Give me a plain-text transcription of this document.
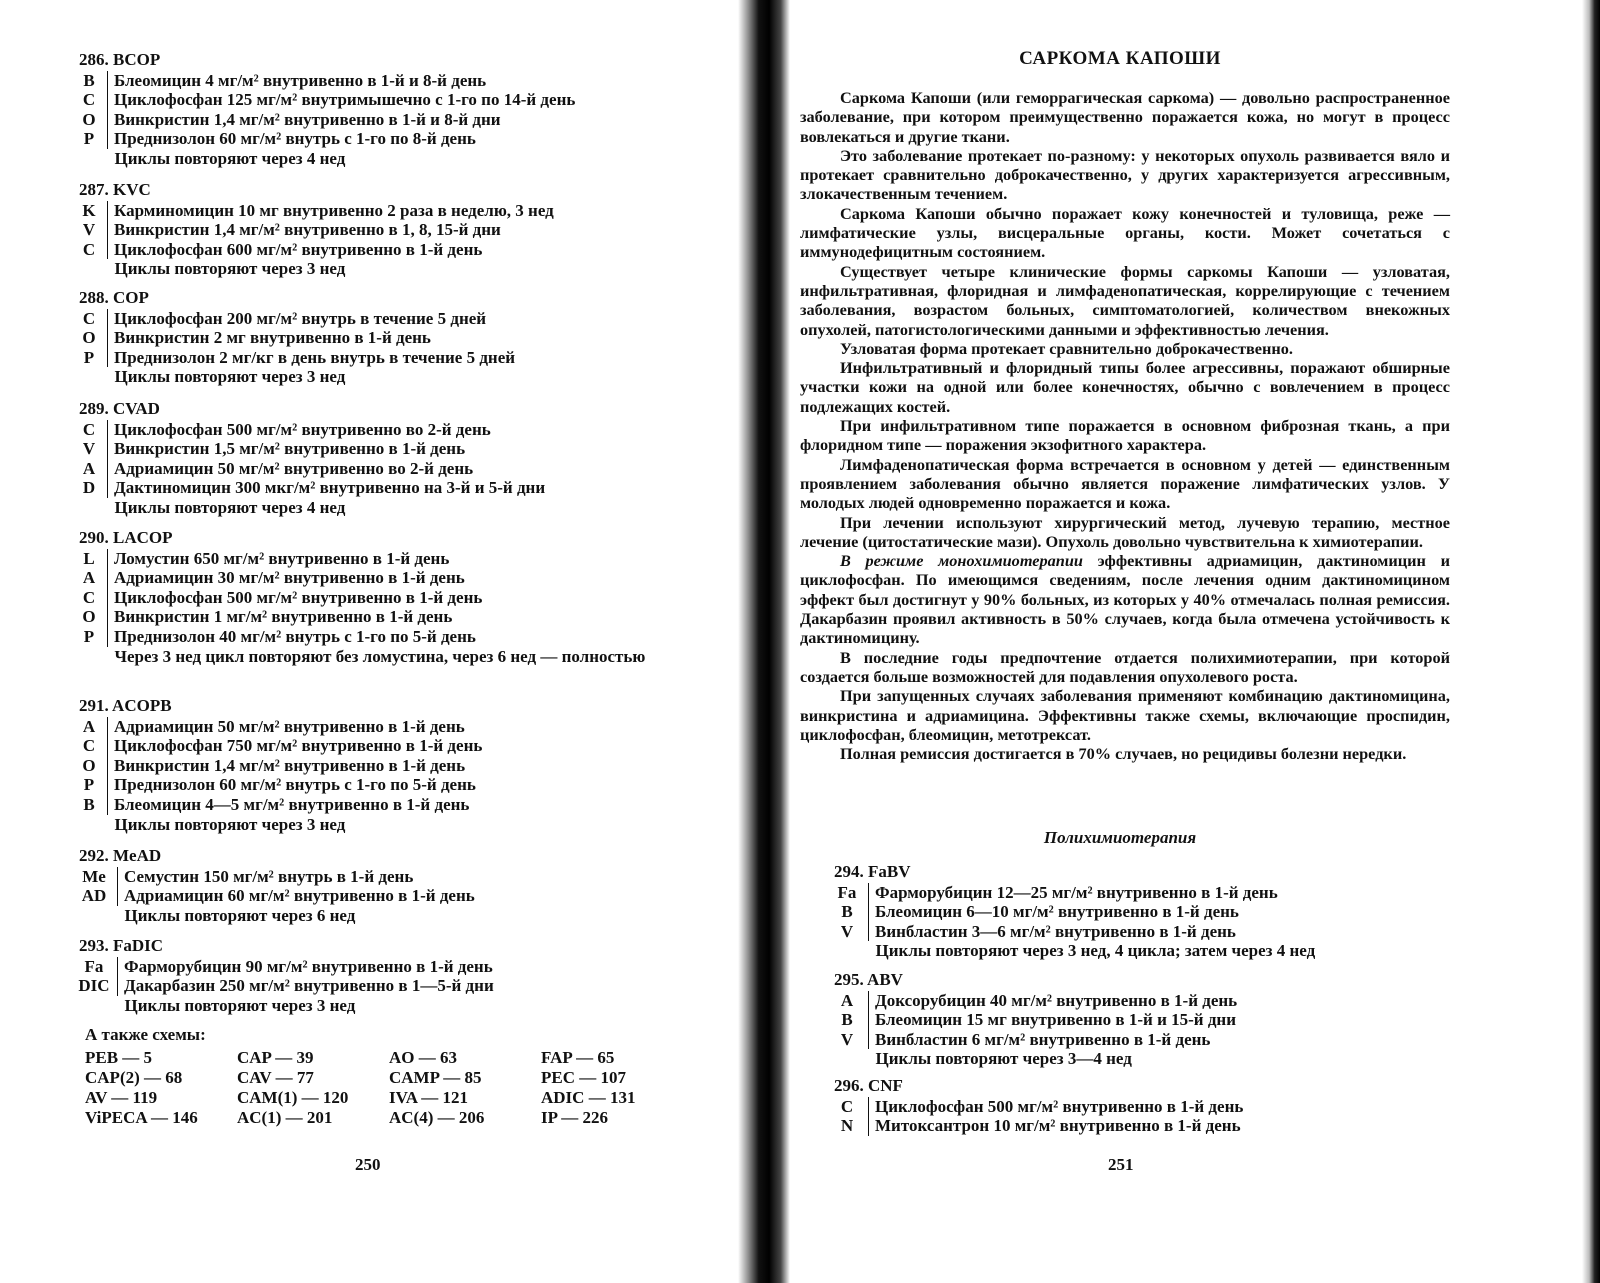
286. BCOP
B	Блеомицин 4 мг/м² внутривенно в 1-й и 8-й день
C	Циклофосфан 125 мг/м² внутримышечно с 1-го по 14-й день
O	Винкристин 1,4 мг/м² внутривенно в 1-й и 8-й дни
P	Преднизолон 60 мг/м² внутрь с 1-го по 8-й день
	Циклы повторяют через 4 нед
287. KVC
K	Карминомицин 10 мг внутривенно 2 раза в неделю, 3 нед
V	Винкристин 1,4 мг/м² внутривенно в 1, 8, 15-й дни
C	Циклофосфан 600 мг/м² внутривенно в 1-й день
	Циклы повторяют через 3 нед
288. COP
C	Циклофосфан 200 мг/м² внутрь в течение 5 дней
O	Винкристин 2 мг внутривенно в 1-й день
P	Преднизолон 2 мг/кг в день внутрь в течение 5 дней
	Циклы повторяют через 3 нед
289. CVAD
C	Циклофосфан 500 мг/м² внутривенно во 2-й день
V	Винкристин 1,5 мг/м² внутривенно в 1-й день
A	Адриамицин 50 мг/м² внутривенно во 2-й день
D	Дактиномицин 300 мкг/м² внутривенно на 3-й и 5-й дни
	Циклы повторяют через 4 нед
290. LACOP
L	Ломустин 650 мг/м² внутривенно в 1-й день
A	Адриамицин 30 мг/м² внутривенно в 1-й день
C	Циклофосфан 500 мг/м² внутривенно в 1-й день
O	Винкристин 1 мг/м² внутривенно в 1-й день
P	Преднизолон 40 мг/м² внутрь с 1-го по 5-й день
	Через 3 нед цикл повторяют без ломустина, через 6 нед — полностью
291. ACOPB
A	Адриамицин 50 мг/м² внутривенно в 1-й день
C	Циклофосфан 750 мг/м² внутривенно в 1-й день
O	Винкристин 1,4 мг/м² внутривенно в 1-й день
P	Преднизолон 60 мг/м² внутрь с 1-го по 5-й день
B	Блеомицин 4—5 мг/м² внутривенно в 1-й день
	Циклы повторяют через 3 нед
292. MeAD
Me	Семустин 150 мг/м² внутрь в 1-й день
AD	Адриамицин 60 мг/м² внутривенно в 1-й день
	Циклы повторяют через 6 нед
293. FaDIC
Fa	Фарморубицин 90 мг/м² внутривенно в 1-й день
DIC	Дакарбазин 250 мг/м² внутривенно в 1—5-й дни
	Циклы повторяют через 3 нед
А также схемы:
PEB — 5	CAP — 39	AO — 63	FAP — 65
CAP(2) — 68	CAV — 77	CAMP — 85	PEC — 107
AV — 119	CAM(1) — 120	IVA — 121	ADIC — 131
ViPECA — 146	AC(1) — 201	AC(4) — 206	IP — 226
250
САРКОМА КАПОШИ

Саркома Капоши (или геморрагическая саркома) — довольно распространенное заболевание, при котором преимущественно поражается кожа, но могут в процесс вовлекаться и другие ткани.

Это заболевание протекает по-разному: у некоторых опухоль развивается вяло и протекает сравнительно доброкачественно, у других характеризуется агрессивным, злокачественным течением.

Саркома Капоши обычно поражает кожу конечностей и туловища, реже — лимфатические узлы, висцеральные органы, кости. Может сочетаться с иммунодефицитным состоянием.

Существует четыре клинические формы саркомы Капоши — узловатая, инфильтративная, флоридная и лимфаденопатическая, коррелирующие с течением заболевания, возрастом больных, симптоматологией, количеством внекожных опухолей, патогистологическими данными и эффективностью лечения.

Узловатая форма протекает сравнительно доброкачественно.

Инфильтративный и флоридный типы более агрессивны, поражают обширные участки кожи на одной или более конечностях, обычно с вовлечением в процесс подлежащих костей.

При инфильтративном типе поражается в основном фиброзная ткань, а при флоридном типе — поражения экзофитного характера.

Лимфаденопатическая форма встречается в основном у детей — единственным проявлением заболевания обычно является поражение лимфатических узлов. У молодых людей одновременно поражается и кожа.

При лечении используют хирургический метод, лучевую терапию, местное лечение (цитостатические мази). Опухоль довольно чувствительна к химиотерапии.

В режиме монохимиотерапии эффективны адриамицин, дактиномицин и циклофосфан. По имеющимся сведениям, после лечения одним дактиномицином эффект был достигнут у 90% больных, из которых у 40% отмечалась полная ремиссия. Дакарбазин проявил активность в 50% случаев, когда была отмечена устойчивость к дактиномицину.

В последние годы предпочтение отдается полихимиотерапии, при которой создается больше возможностей для подавления опухолевого роста.

При запущенных случаях заболевания применяют комбинацию дактиномицина, винкристина и адриамицина. Эффективны также схемы, включающие проспидин, циклофосфан, блеомицин, метотрексат.

Полная ремиссия достигается в 70% случаев, но рецидивы болезни нередки.

Полихимиотерапия
294. FaBV
Fa	Фарморубицин 12—25 мг/м² внутривенно в 1-й день
B	Блеомицин 6—10 мг/м² внутривенно в 1-й день
V	Винбластин 3—6 мг/м² внутривенно в 1-й день
	Циклы повторяют через 3 нед, 4 цикла; затем через 4 нед
295. ABV
A	Доксорубицин 40 мг/м² внутривенно в 1-й день
B	Блеомицин 15 мг внутривенно в 1-й и 15-й дни
V	Винбластин 6 мг/м² внутривенно в 1-й день
	Циклы повторяют через 3—4 нед
296. CNF
C	Циклофосфан 500 мг/м² внутривенно в 1-й день
N	Митоксантрон 10 мг/м² внутривенно в 1-й день
251
